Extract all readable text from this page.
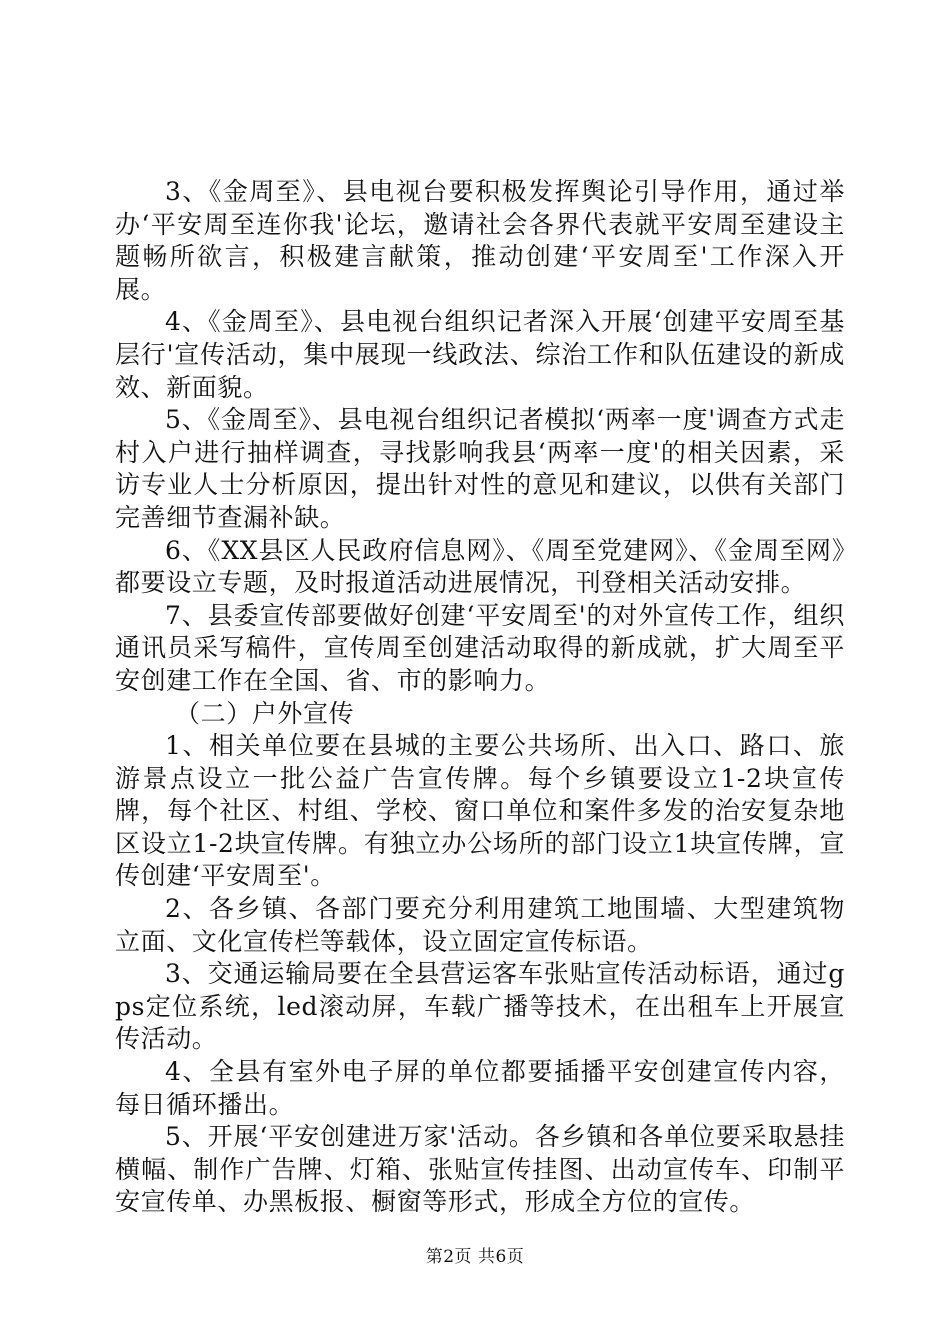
3、《金周至》、县电视台要积极发挥舆论引导作用，通过举办‘平安周至连你我'论坛，邀请社会各界代表就平安周至建设主题畅所欲言，积极建言献策，推动创建‘平安周至'工作深入开展。

4、《金周至》、县电视台组织记者深入开展‘创建平安周至基层行'宣传活动，集中展现一线政法、综治工作和队伍建设的新成效、新面貌。

5、《金周至》、县电视台组织记者模拟‘两率一度'调查方式走村入户进行抽样调查，寻找影响我县‘两率一度'的相关因素，采访专业人士分析原因，提出针对性的意见和建议，以供有关部门完善细节查漏补缺。

6、《XX县区人民政府信息网》、《周至党建网》、《金周至网》都要设立专题，及时报道活动进展情况，刊登相关活动安排。

7、县委宣传部要做好创建‘平安周至'的对外宣传工作，组织通讯员采写稿件，宣传周至创建活动取得的新成就，扩大周至平安创建工作在全国、省、市的影响力。

（二）户外宣传

1、相关单位要在县城的主要公共场所、出入口、路口、旅游景点设立一批公益广告宣传牌。每个乡镇要设立1-2块宣传牌，每个社区、村组、学校、窗口单位和案件多发的治安复杂地区设立1-2块宣传牌。有独立办公场所的部门设立1块宣传牌，宣传创建‘平安周至'。

2、各乡镇、各部门要充分利用建筑工地围墙、大型建筑物立面、文化宣传栏等载体，设立固定宣传标语。

3、交通运输局要在全县营运客车张贴宣传活动标语，通过gps定位系统，led滚动屏，车载广播等技术，在出租车上开展宣传活动。

4、全县有室外电子屏的单位都要插播平安创建宣传内容，每日循环播出。

5、开展‘平安创建进万家'活动。各乡镇和各单位要采取悬挂横幅、制作广告牌、灯箱、张贴宣传挂图、出动宣传车、印制平安宣传单、办黑板报、橱窗等形式，形成全方位的宣传。

第2页 共6页
